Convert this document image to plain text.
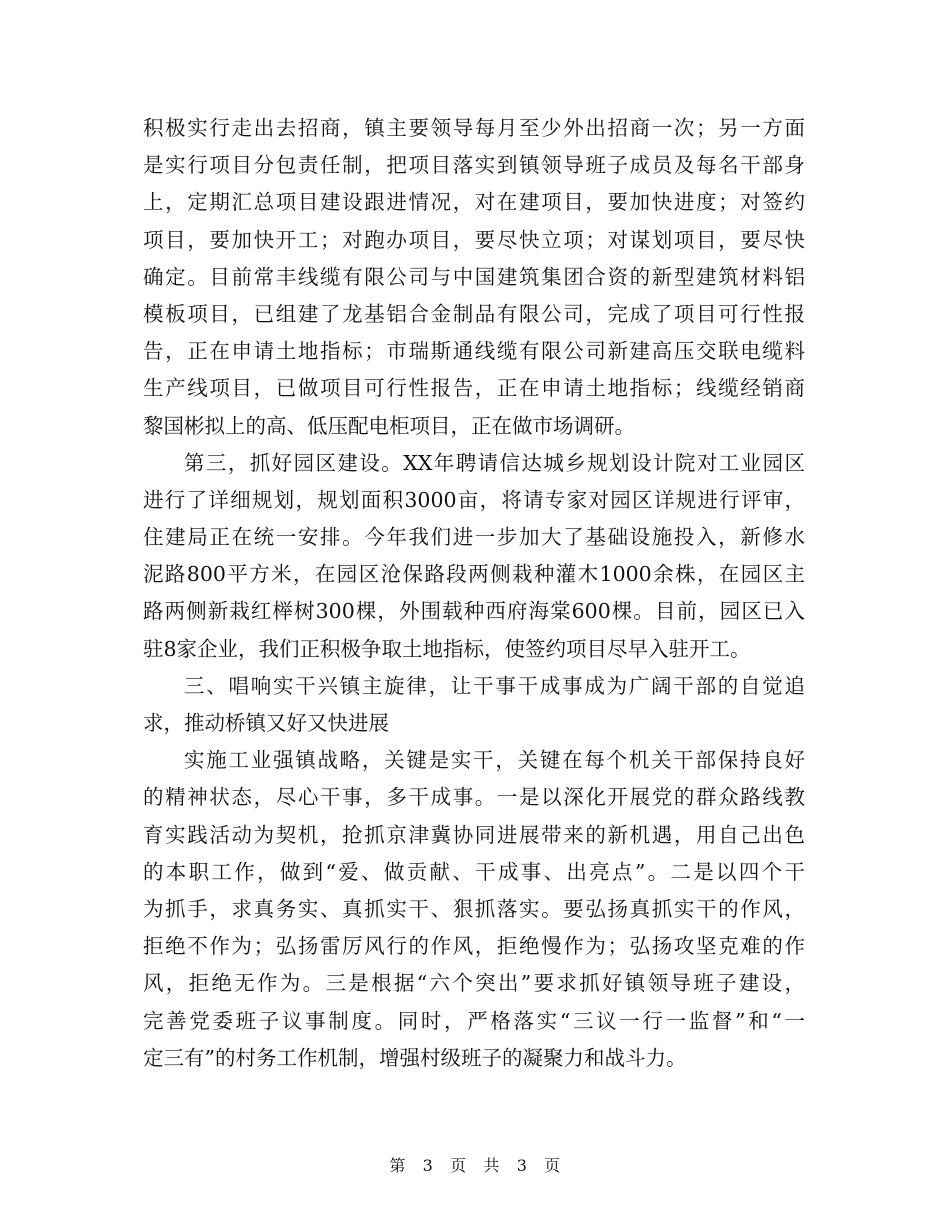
积极实行走出去招商，镇主要领导每月至少外出招商一次；另一方面
是实行项目分包责任制，把项目落实到镇领导班子成员及每名干部身
上，定期汇总项目建设跟进情况，对在建项目，要加快进度；对签约
项目，要加快开工；对跑办项目，要尽快立项；对谋划项目，要尽快
确定。目前常丰线缆有限公司与中国建筑集团合资的新型建筑材料铝
模板项目，已组建了龙基铝合金制品有限公司，完成了项目可行性报
告，正在申请土地指标；市瑞斯通线缆有限公司新建高压交联电缆料
生产线项目，已做项目可行性报告，正在申请土地指标；线缆经销商
黎国彬拟上的高、低压配电柜项目，正在做市场调研。
第三，抓好园区建设。XX年聘请信达城乡规划设计院对工业园区
进行了详细规划，规划面积3000亩，将请专家对园区详规进行评审，
住建局正在统一安排。今年我们进一步加大了基础设施投入，新修水
泥路800平方米，在园区沧保路段两侧栽种灌木1000余株，在园区主
路两侧新栽红榉树300棵，外围载种西府海棠600棵。目前，园区已入
驻8家企业，我们正积极争取土地指标，使签约项目尽早入驻开工。
三、唱响实干兴镇主旋律，让干事干成事成为广阔干部的自觉追
求，推动桥镇又好又快进展
实施工业强镇战略，关键是实干，关键在每个机关干部保持良好
的精神状态，尽心干事，多干成事。一是以深化开展党的群众路线教
育实践活动为契机，抢抓京津冀协同进展带来的新机遇，用自己出色
的本职工作，做到“爱、做贡献、干成事、出亮点”。二是以四个干
为抓手，求真务实、真抓实干、狠抓落实。要弘扬真抓实干的作风，
拒绝不作为；弘扬雷厉风行的作风，拒绝慢作为；弘扬攻坚克难的作
风，拒绝无作为。三是根据“六个突出”要求抓好镇领导班子建设，
完善党委班子议事制度。同时，严格落实“三议一行一监督”和“一
定三有”的村务工作机制，增强村级班子的凝聚力和战斗力。
第 3 页 共 3 页
